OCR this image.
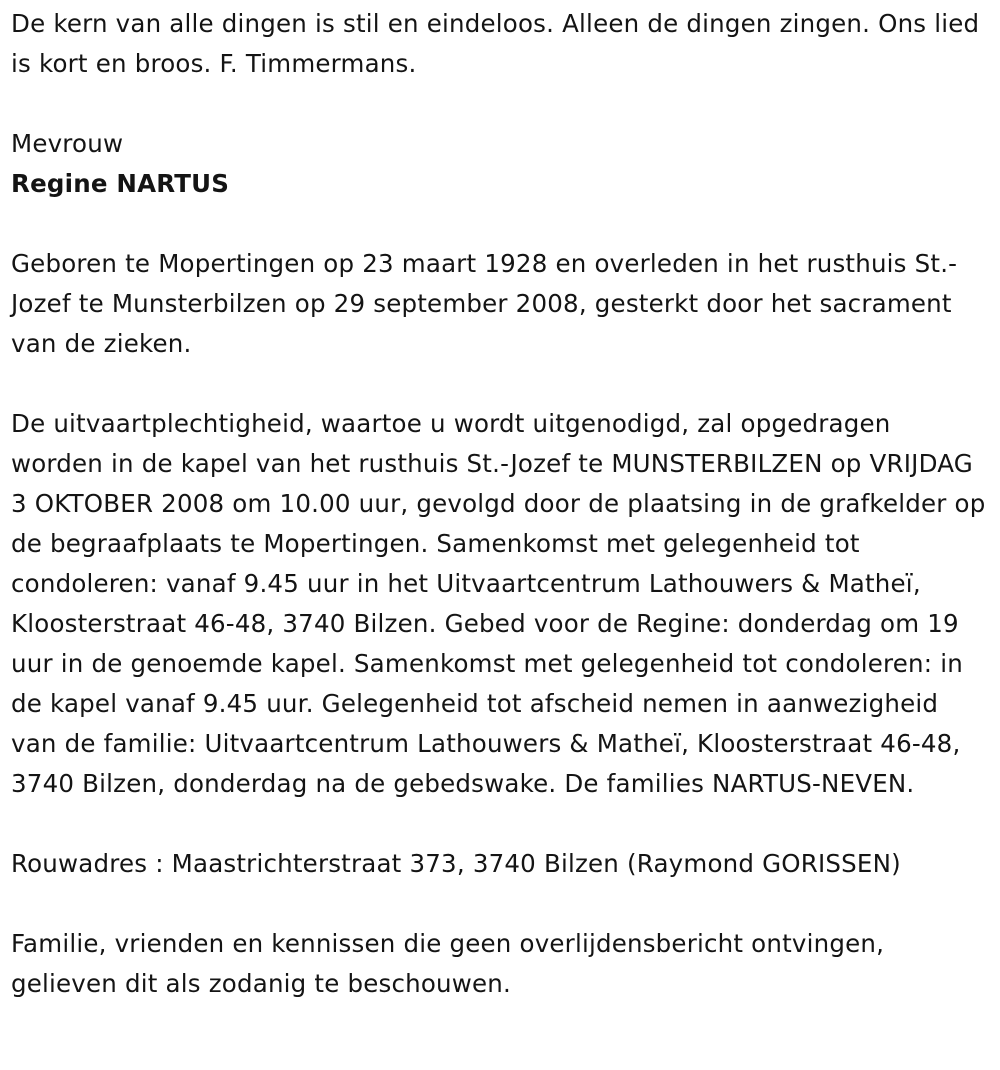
De kern van alle dingen is stil en eindeloos. Alleen de dingen zingen. Ons lied is kort en broos. F. Timmermans.

Mevrouw
Regine NARTUS

Geboren te Mopertingen op 23 maart 1928 en overleden in het rusthuis St.-Jozef te Munsterbilzen op 29 september 2008, gesterkt door het sacrament van de zieken.

De uitvaartplechtigheid, waartoe u wordt uitgenodigd, zal opgedragen worden in de kapel van het rusthuis St.-Jozef te MUNSTERBILZEN op VRIJDAG 3 OKTOBER 2008 om 10.00 uur, gevolgd door de plaatsing in de grafkelder op de begraafplaats te Mopertingen. Samenkomst met gelegenheid tot condoleren: vanaf 9.45 uur in het Uitvaartcentrum Lathouwers & Matheï, Kloosterstraat 46-48, 3740 Bilzen. Gebed voor de Regine: donderdag om 19 uur in de genoemde kapel. Samenkomst met gelegenheid tot condoleren: in de kapel vanaf 9.45 uur. Gelegenheid tot afscheid nemen in aanwezigheid van de familie: Uitvaartcentrum Lathouwers & Matheï, Kloosterstraat 46-48, 3740 Bilzen, donderdag na de gebedswake. De families NARTUS-NEVEN.

Rouwadres : Maastrichterstraat 373, 3740 Bilzen (Raymond GORISSEN)

Familie, vrienden en kennissen die geen overlijdensbericht ontvingen, gelieven dit als zodanig te beschouwen.
